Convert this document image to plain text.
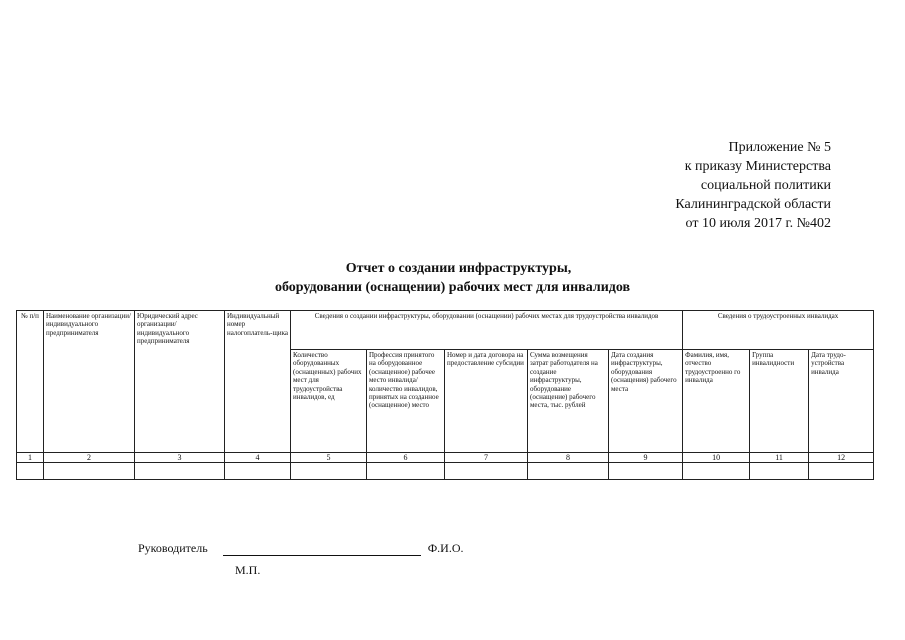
Приложение № 5
к приказу Министерства
социальной политики
Калининградской области
от 10 июля 2017 г. №402
Отчет о создании инфраструктуры,
оборудовании (оснащении) рабочих мест для инвалидов
№ п/п	Наименование организации/ индивидуального предпринимателя	Юридический адрес организации/ индивидуального предпринимателя	Индивидуальный номер налогоплатель-щика	Сведения о создании инфраструктуры, оборудовании (оснащении) рабочих местах для трудоустройства инвалидов					Сведения о трудоустроенных инвалидах		
				Количество оборудованных (оснащенных) рабочих мест для трудоустройства инвалидов, ед	Профессия принятого на оборудованное (оснащенное) рабочее место инвалида/ количество инвалидов, принятых на созданное (оснащенное) место	Номер и дата договора на предоставление субсидии	Сумма возмещения затрат работодателя на создание инфраструктуры, оборудование (оснащение) рабочего места, тыс. рублей	Дата создания инфраструктуры, оборудования (оснащения) рабочего места	Фамилия, имя, отчество трудоустроенно го инвалида	Группа инвалидности	Дата трудо-устройства инвалида
1	2	3	4	5	6	7	8	9	10	11	12

Руководитель	Ф.И.О.
М.П.
